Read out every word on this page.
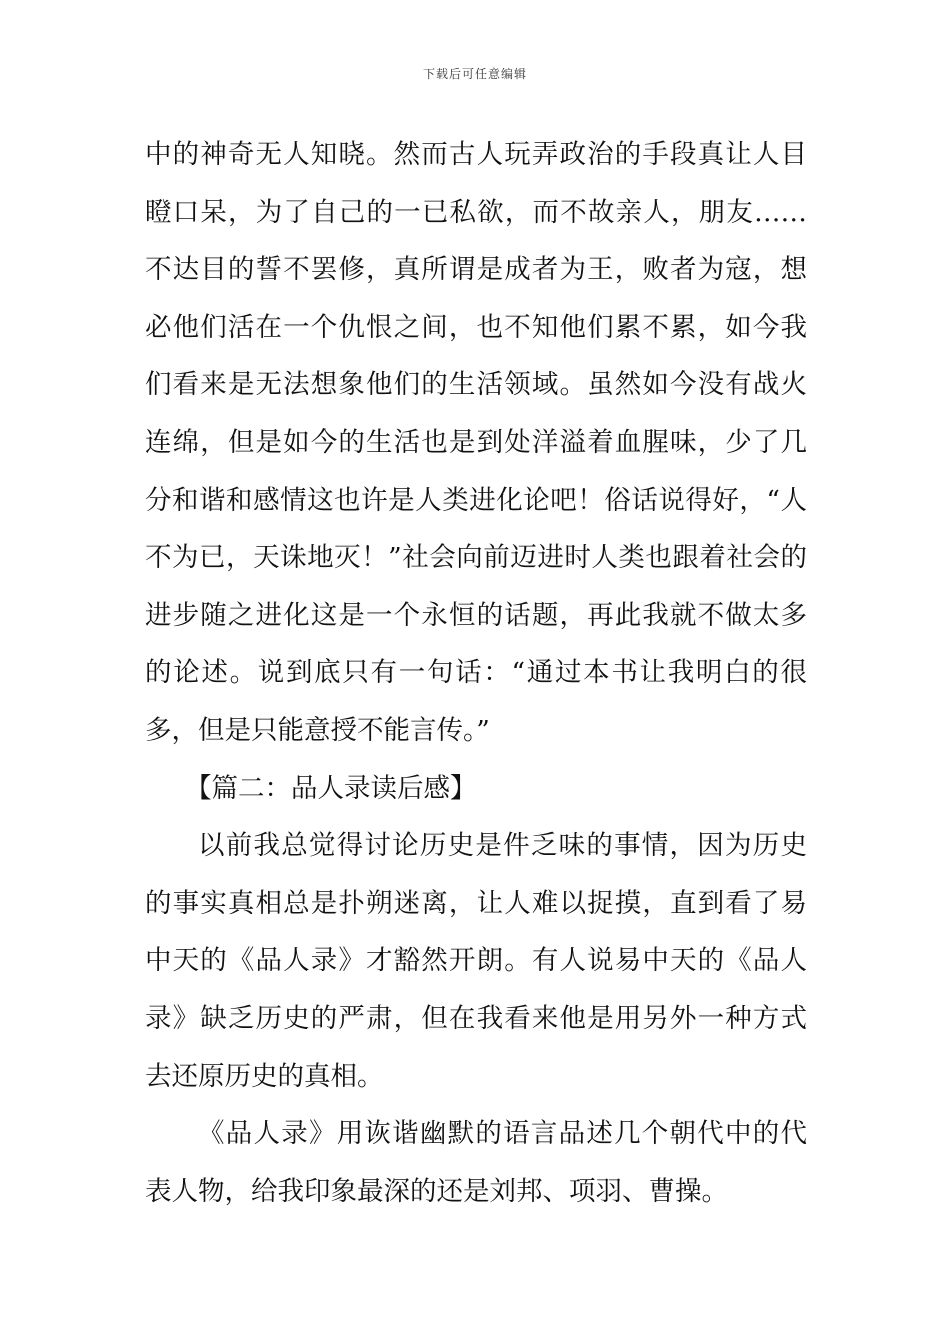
下载后可任意编辑

中的神奇无人知晓。然而古人玩弄政治的手段真让人目瞪口呆，为了自己的一已私欲，而不故亲人，朋友……不达目的誓不罢修，真所谓是成者为王，败者为寇，想必他们活在一个仇恨之间，也不知他们累不累，如今我们看来是无法想象他们的生活领域。虽然如今没有战火连绵，但是如今的生活也是到处洋溢着血腥味，少了几分和谐和感情这也许是人类进化论吧！俗话说得好，“人不为已，天诛地灭！”社会向前迈进时人类也跟着社会的进步随之进化这是一个永恒的话题，再此我就不做太多的论述。说到底只有一句话：“通过本书让我明白的很多，但是只能意授不能言传。”

【篇二：品人录读后感】

以前我总觉得讨论历史是件乏味的事情，因为历史的事实真相总是扑朔迷离，让人难以捉摸，直到看了易中天的《品人录》才豁然开朗。有人说易中天的《品人录》缺乏历史的严肃，但在我看来他是用另外一种方式去还原历史的真相。

《品人录》用诙谐幽默的语言品述几个朝代中的代表人物，给我印象最深的还是刘邦、项羽、曹操。
